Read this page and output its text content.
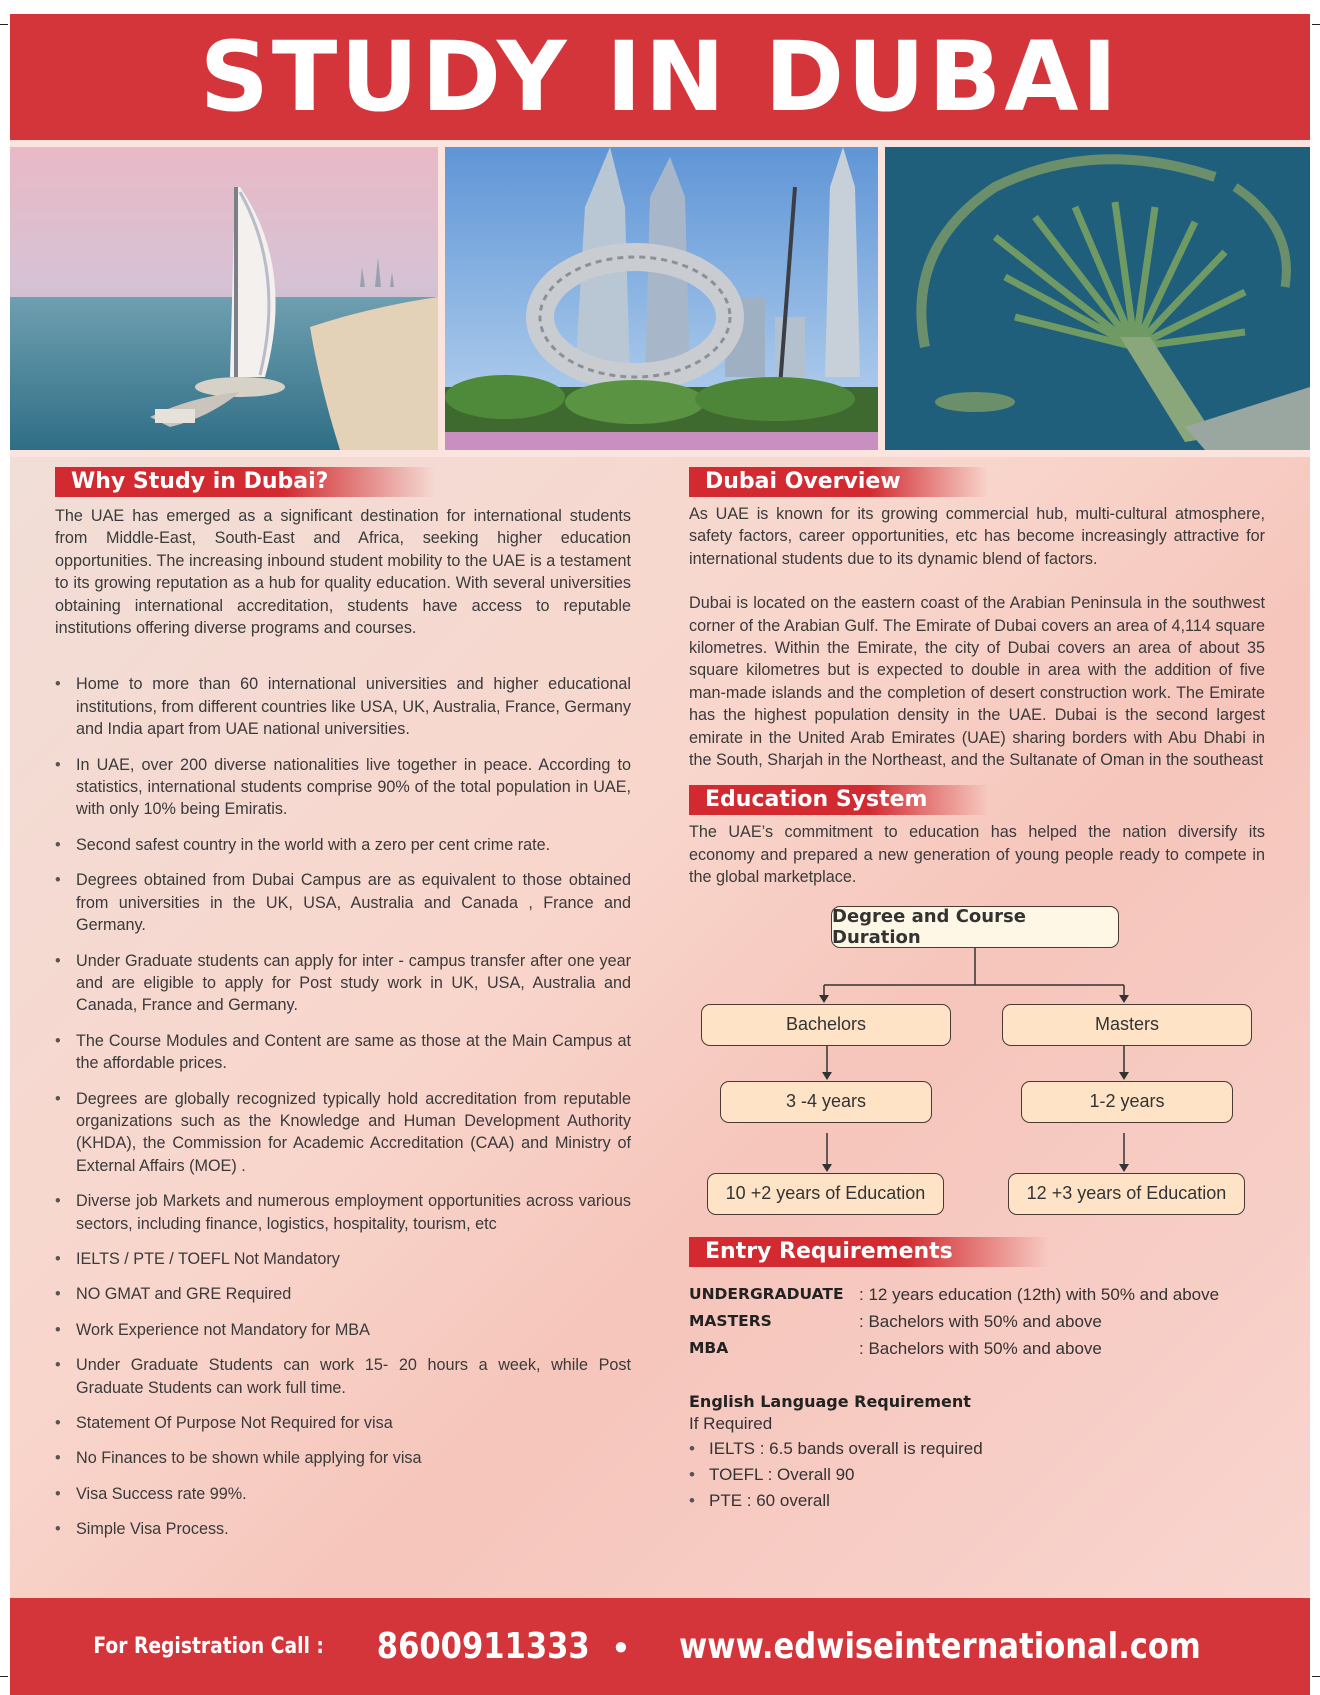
STUDY IN DUBAI
Why Study in Dubai?

The UAE has emerged as a significant destination for international students from Middle-East, South-East and Africa, seeking higher education opportunities. The increasing inbound student mobility to the UAE is a testament to its growing reputation as a hub for quality education. With several universities obtaining international accreditation, students have access to reputable institutions offering diverse programs and courses.

• Home to more than 60 international universities and higher educational institutions, from different countries like USA, UK, Australia, France, Germany and India apart from UAE national universities.
• In UAE, over 200 diverse nationalities live together in peace. According to statistics, international students comprise 90% of the total population in UAE, with only 10% being Emiratis.
• Second safest country in the world with a zero per cent crime rate.
• Degrees obtained from Dubai Campus are as equivalent to those obtained from universities in the UK, USA, Australia and Canada , France and Germany.
• Under Graduate students can apply for inter - campus transfer after one year and are eligible to apply for Post study work in UK, USA, Australia and Canada, France and Germany.
• The Course Modules and Content are same as those at the Main Campus at the affordable prices.
• Degrees are globally recognized typically hold accreditation from reputable organizations such as the Knowledge and Human Development Authority (KHDA), the Commission for Academic Accreditation (CAA) and Ministry of External Affairs (MOE) .
• Diverse job Markets and numerous employment opportunities across various sectors, including finance, logistics, hospitality, tourism, etc
• IELTS / PTE / TOEFL Not Mandatory
• NO GMAT and GRE Required
• Work Experience not Mandatory for MBA
• Under Graduate Students can work 15- 20 hours a week, while Post Graduate Students can work full time.
• Statement Of Purpose Not Required for visa
• No Finances to be shown while applying for visa
• Visa Success rate 99%.
• Simple Visa Process.
Dubai Overview

As UAE is known for its growing commercial hub, multi-cultural atmosphere, safety factors, career opportunities, etc has become increasingly attractive for international students due to its dynamic blend of factors.

Dubai is located on the eastern coast of the Arabian Peninsula in the southwest corner of the Arabian Gulf. The Emirate of Dubai covers an area of 4,114 square kilometres. Within the Emirate, the city of Dubai covers an area of about 35 square kilometres but is expected to double in area with the addition of five man-made islands and the completion of desert construction work. The Emirate has the highest population density in the UAE. Dubai is the second largest emirate in the United Arab Emirates (UAE) sharing borders with Abu Dhabi in the South, Sharjah in the Northeast, and the Sultanate of Oman in the southeast

Education System

The UAE’s commitment to education has helped the nation diversify its economy and prepared a new generation of young people ready to compete in the global marketplace.

Degree and Course Duration
Bachelors	Masters
3 -4 years	1-2 years
10 +2 years of Education	12 +3 years of Education
Entry Requirements
UNDERGRADUATE : 12 years education (12th) with 50% and above
MASTERS	: Bachelors with 50% and above
MBA	: Bachelors with 50% and above
English Language Requirement
If Required
• IELTS : 6.5 bands overall is required
• TOEFL : Overall 90
• PTE : 60 overall
For Registration Call : 8600911333 • www.edwiseinternational.com
